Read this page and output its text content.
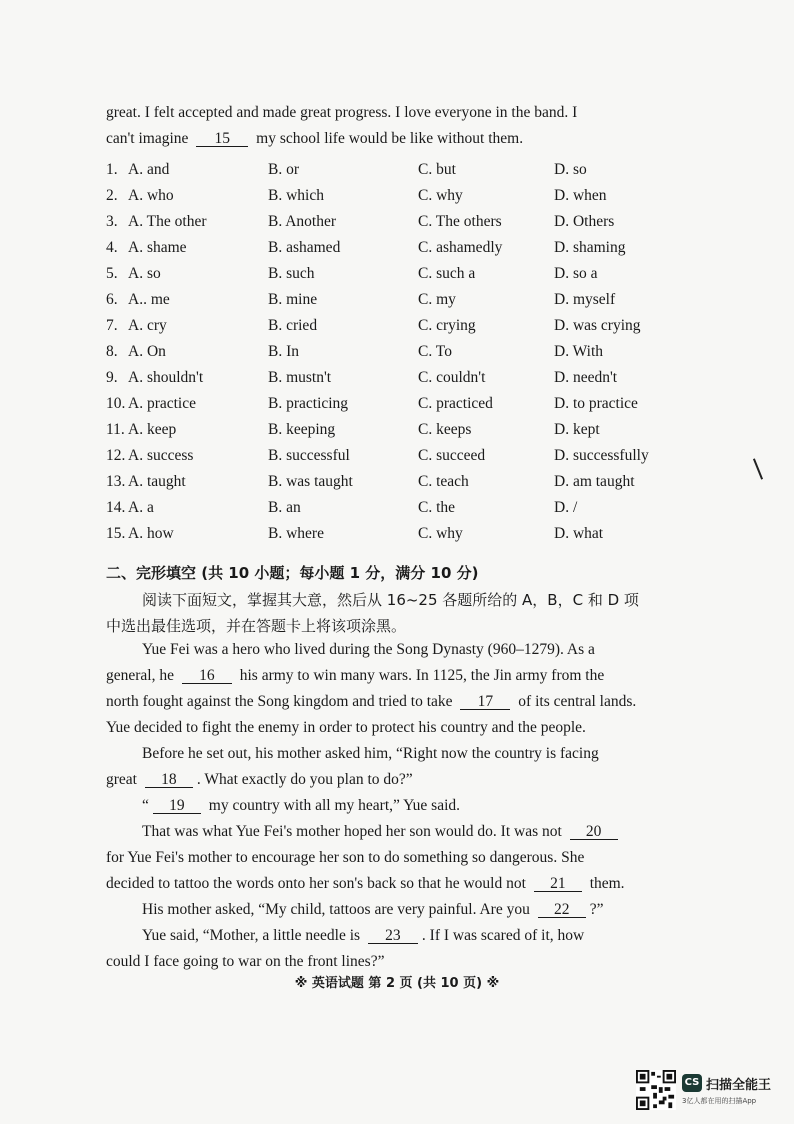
great. I felt accepted and made great progress. I love everyone in the band. I
can't imagine 15 my school life would be like without them.
1. A. and	B. or	C. but	D. so
2. A. who	B. which	C. why	D. when
3. A. The other	B. Another	C. The others	D. Others
4. A. shame	B. ashamed	C. ashamedly	D. shaming
5. A. so	B. such	C. such a	D. so a
6. A.. me	B. mine	C. my	D. myself
7. A. cry	B. cried	C. crying	D. was crying
8. A. On	B. In	C. To	D. With
9. A. shouldn't	B. mustn't	C. couldn't	D. needn't
10. A. practice	B. practicing	C. practiced	D. to practice
11. A. keep	B. keeping	C. keeps	D. kept
12. A. success	B. successful	C. succeed	D. successfully
13. A. taught	B. was taught	C. teach	D. am taught
14. A. a	B. an	C. the	D. /
15. A. how	B. where	C. why	D. what
二、完形填空 (共 10 小题；每小题 1 分，满分 10 分)
阅读下面短文，掌握其大意，然后从 16~25 各题所给的 A，B，C 和 D 项
中选出最佳选项，并在答题卡上将该项涂黑。
Yue Fei was a hero who lived during the Song Dynasty (960–1279). As a
general, he 16 his army to win many wars. In 1125, the Jin army from the
north fought against the Song kingdom and tried to take 17 of its central lands.
Yue decided to fight the enemy in order to protect his country and the people.
Before he set out, his mother asked him, “Right now the country is facing
great 18 . What exactly do you plan to do?”
“ 19 my country with all my heart,” Yue said.
That was what Yue Fei's mother hoped her son would do. It was not 20
for Yue Fei's mother to encourage her son to do something so dangerous. She
decided to tattoo the words onto her son's back so that he would not 21 them.
His mother asked, “My child, tattoos are very painful. Are you 22 ?”
Yue said, “Mother, a little needle is 23 . If I was scared of it, how
could I face going to war on the front lines?”
※ 英语试题 第 2 页 (共 10 页) ※
CS 扫描全能王
3亿人都在用的扫描App
